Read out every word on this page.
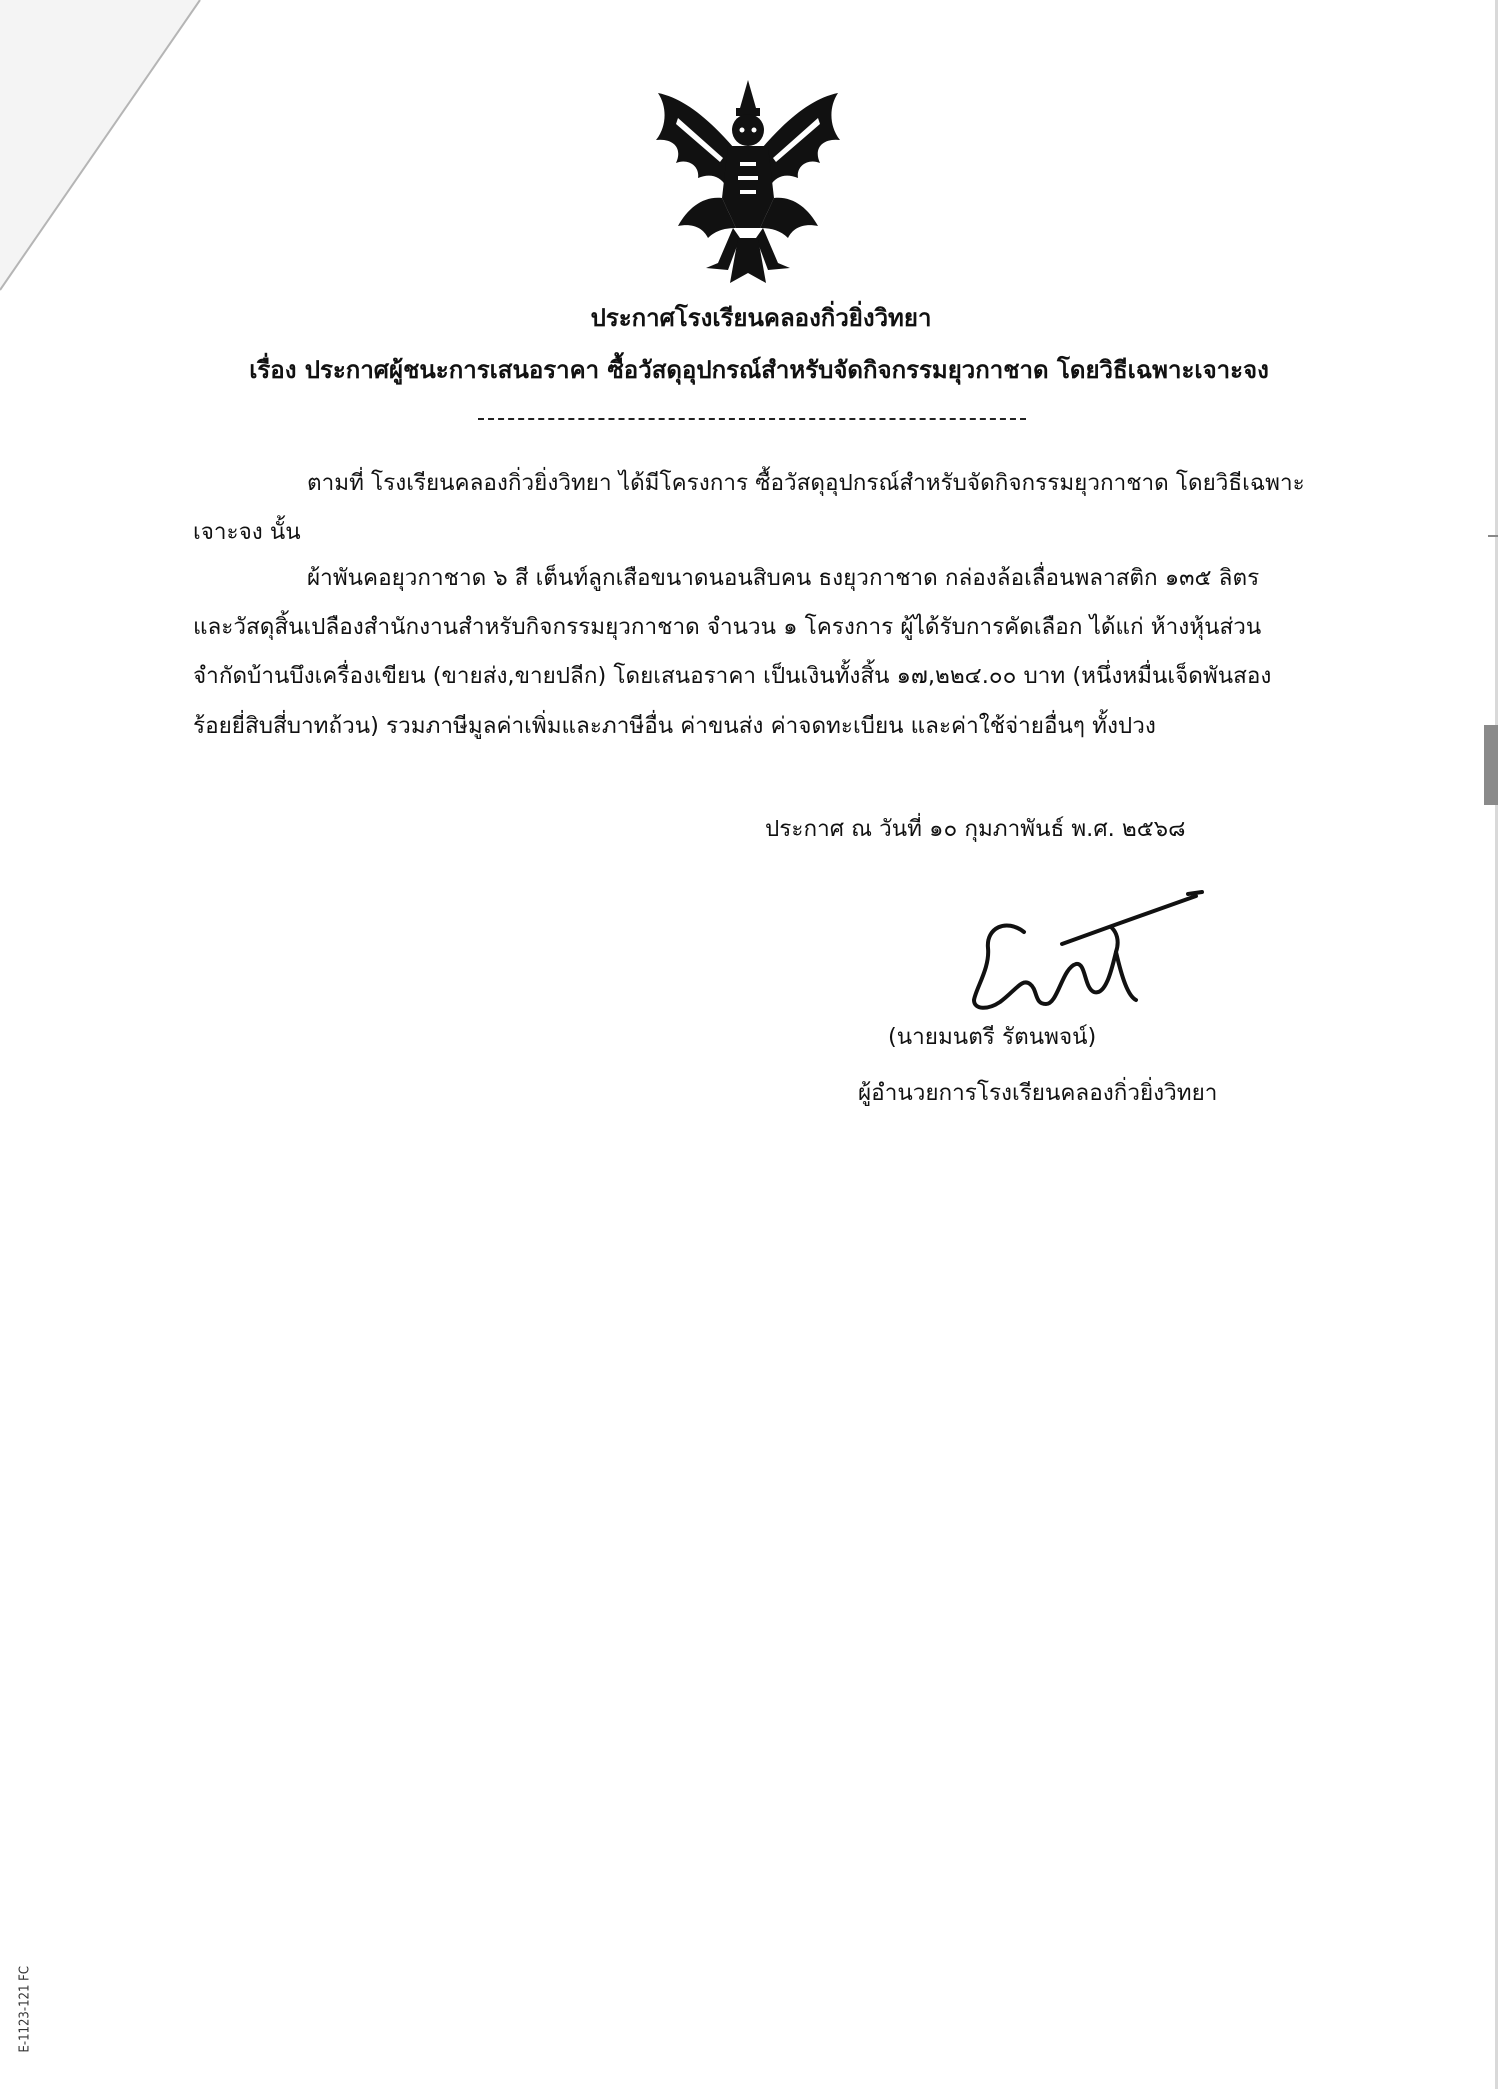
ประกาศโรงเรียนคลองกิ่วยิ่งวิทยา
เรื่อง ประกาศผู้ชนะการเสนอราคา ซื้อวัสดุอุปกรณ์สำหรับจัดกิจกรรมยุวกาชาด โดยวิธีเฉพาะเจาะจง
ตามที่ โรงเรียนคลองกิ่วยิ่งวิทยา ได้มีโครงการ ซื้อวัสดุอุปกรณ์สำหรับจัดกิจกรรมยุวกาชาด โดยวิธีเฉพาะ
เจาะจง นั้น
ผ้าพันคอยุวกาชาด ๖ สี เต็นท์ลูกเสือขนาดนอนสิบคน ธงยุวกาชาด กล่องล้อเลื่อนพลาสติก ๑๓๕ ลิตร
และวัสดุสิ้นเปลืองสำนักงานสำหรับกิจกรรมยุวกาชาด จำนวน ๑ โครงการ ผู้ได้รับการคัดเลือก ได้แก่ ห้างหุ้นส่วน
จำกัดบ้านบึงเครื่องเขียน (ขายส่ง,ขายปลีก) โดยเสนอราคา เป็นเงินทั้งสิ้น ๑๗,๒๒๔.๐๐ บาท (หนึ่งหมื่นเจ็ดพันสอง
ร้อยยี่สิบสี่บาทถ้วน) รวมภาษีมูลค่าเพิ่มและภาษีอื่น ค่าขนส่ง ค่าจดทะเบียน และค่าใช้จ่ายอื่นๆ ทั้งปวง
ประกาศ ณ วันที่ ๑๐ กุมภาพันธ์ พ.ศ. ๒๕๖๘
(นายมนตรี รัตนพจน์)
ผู้อำนวยการโรงเรียนคลองกิ่วยิ่งวิทยา
E-1123-121 FC
